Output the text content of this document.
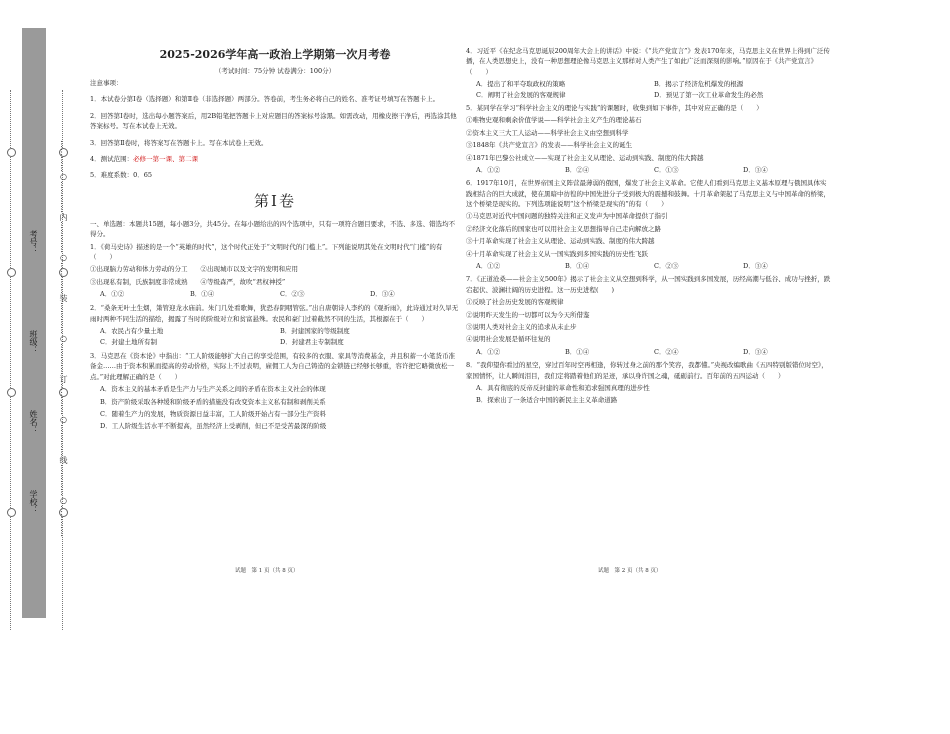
考号：
班级：
姓名：
学校：	…………○…………内…………○…………装…………○…………订…………○…………线…………○…………

2025-2026学年高一政治上学期第一次月考卷

（考试时间：75分钟 试卷满分：100分）

注意事项：

1．本试卷分第Ⅰ卷（选择题）和第Ⅱ卷（非选择题）两部分。答卷前，考生务必将自己的姓名、准考证号填写在答题卡上。

2．回答第Ⅰ卷时，选出每小题答案后，用2B铅笔把答题卡上对应题目的答案标号涂黑。如需改动，用橡皮擦干净后，再选涂其他答案标号。写在本试卷上无效。

3．回答第Ⅱ卷时，将答案写在答题卡上。写在本试卷上无效。

4．测试范围：必修一第一课、第二课

5．难度系数：0．65

第Ⅰ卷

一、单选题：本题共15题，每小题3分，共45分。在每小题给出的四个选项中，只有一项符合题目要求，不选、多选、错选均不得分。

1．《荷马史诗》描述的是一个“英雄的时代”，这个时代正处于“文明时代的门槛上”。下列能说明其处在文明时代“门槛”的有（　　）

①出现脑力劳动和体力劳动的分工　　②出现城市以及文字的发明和应用

③出现私有制，氏族制度非常成熟　　④等级森严，故吹“君权神授”

A．①②	B．①④	C．②③	D．③④

2．“桑条无叶土生烟，箫管迎龙水庙前。朱门几处看歌舞，犹恐春阴咽管弦。”出自唐朝诗人李约的《观祈雨》，此诗通过对久旱无雨时两种不同生活的描绘，揭露了当时的阶级对立和贫富悬殊。农民和豪门过着截然不同的生活，其根源在于（　　）

A．农民占有少量土地	B．封建国家的等级制度
C．封建土地所有制	D．封建君主专制制度

3．马克思在《资本论》中指出：“工人阶级能够扩大自己的享受范围，有较多的衣服、家具等消费基金，并且积蓄一小笔货币准备金……由于资本积累而提高的劳动价格，实际上不过表明，雇佣工人为自己铸造的金锁链已经够长够重，容许把它略微放松一点。”对此理解正确的是（　　）

A．资本主义的基本矛盾是生产力与生产关系之间的矛盾在资本主义社会的体现
B．资产阶级采取各种缓和阶级矛盾的措施没有改变资本主义私有制和剥削关系
C．随着生产力的发展，物质资源日益丰富，工人阶级开始占有一部分生产资料
D．工人阶级生活水平不断提高，虽然经济上受剥削，但已不是受苦最深的阶级
试题　第 1 页（共 8 页）

4．习近平《在纪念马克思诞辰200周年大会上的讲话》中说：《“共产党宣言”》发表170年来，马克思主义在世界上得到广泛传播，在人类思想史上，没有一种思想理论像马克思主义那样对人类产生了如此广泛而深刻的影响。”原因在于《共产党宣言》（　　）

A．提出了和平夺取政权的策略	B．揭示了经济危机爆发的根源
C．阐明了社会发展的客观规律	D．预见了第一次工业革命发生的必然

5．某同学在学习“科学社会主义的理论与实践”的课题时，收集到如下事件，其中对应正确的是（　　）

①唯物史观和剩余价值学说——科学社会主义产生的理论基石

②资本主义三大工人运动——科学社会主义由空想到科学

③1848年《共产党宣言》的发表——科学社会主义的诞生

④1871年巴黎公社成立——实现了社会主义从理论、运动到实践、制度的伟大跨越

A．①②	B．②④	C．①③	D．③④

6．1917年10月，在世界帝国主义阵营最薄弱的俄国，爆发了社会主义革命。它使人们看到马克思主义基本原理与俄国具体实践相结合的巨大成就，使在黑暗中彷徨的中国先进分子受到极大的震撼和鼓舞。十月革命架起了马克思主义与中国革命的桥梁，这个桥梁是现实的。下列选项能说明“这个桥梁是现实的”的有（　　）

①马克思对近代中国问题的独特关注和正义发声为中国革命提供了指引

②经济文化落后的国家也可以用社会主义思想指导自己走向解放之路

③十月革命实现了社会主义从理论、运动到实践、制度的伟大跨越

④十月革命实现了社会主义从一国实践到多国实践的历史性飞跃

A．①②	B．①④	C．②③	D．③④

7．《正道沧桑——社会主义500年》揭示了社会主义从空想到科学，从一国实践到多国发展，历经高潮与低谷、成功与挫折，跌宕起伏、波澜壮阔的历史进程。这一历史进程(　　)

①反映了社会历史发展的客观规律

②说明昨天发生的一切都可以为今天所借鉴

③说明人类对社会主义的追求从未止步

④说明社会发展是循环往复的

A．①②	B．①④	C．②④	D．③④

8．“我仰望你看过的星空，穿过百年时空再相逢，你转过身之前的那个笑容，我都懂。”央视改编歌曲《五四特别版错位时空》，家国情怀，让人瞬间泪目，我们定将踏着他们的足迹，承以身许国之魂，砥砺前行。百年前的五四运动（　　）

A．具有彻底的反帝反封建的革命性和追求强国真理的进步性
B．探索出了一条适合中国的新民主主义革命道路
试题　第 2 页（共 8 页）
